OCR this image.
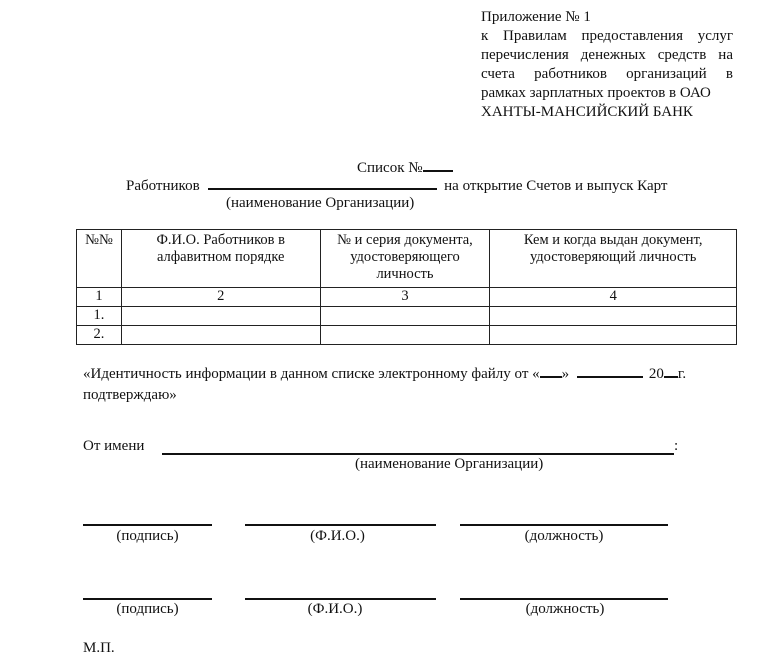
Приложение № 1
к Правилам предоставления услуг
перечисления денежных средств на
счета работников организаций в
рамках зарплатных проектов в ОАО
ХАНТЫ-МАНСИЙСКИЙ БАНК
Список №
Работников	на открытие Счетов и выпуск Карт
(наименование Организации)
№№	Ф.И.О. Работников в алфавитном порядке	№ и серия документа, удостоверяющего личность	Кем и когда выдан документ, удостоверяющий личность
1	2	3	4
1.			
2.			
«Идентичность информации в данном списке электронному файлу от « »	20 г.
подтверждаю»
От имени	:
(наименование Организации)
(подпись)	(Ф.И.О.)	(должность)
(подпись)	(Ф.И.О.)	(должность)
М.П.
